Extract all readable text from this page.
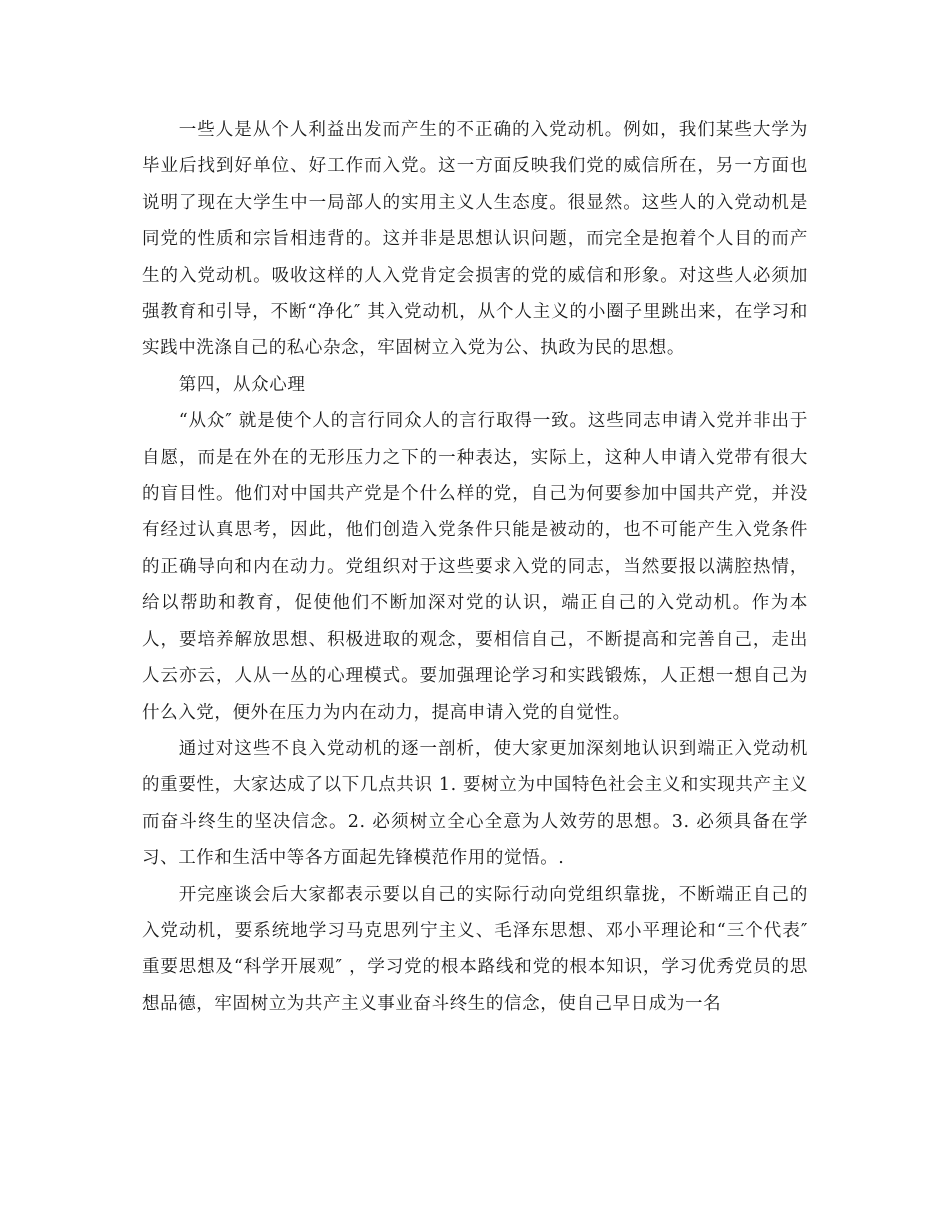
一些人是从个人利益出发而产生的不正确的入党动机。例如，我们某些大学为毕业后找到好单位、好工作而入党。这一方面反映我们党的威信所在，另一方面也说明了现在大学生中一局部人的实用主义人生态度。很显然。这些人的入党动机是同党的性质和宗旨相违背的。这并非是思想认识问题，而完全是抱着个人目的而产生的入党动机。吸收这样的人入党肯定会损害的党的威信和形象。对这些人必须加强教育和引导，不断“净化″ 其入党动机，从个人主义的小圈子里跳出来，在学习和实践中洗涤自己的私心杂念，牢固树立入党为公、执政为民的思想。

第四，从众心理

“从众″ 就是使个人的言行同众人的言行取得一致。这些同志申请入党并非出于自愿，而是在外在的无形压力之下的一种表达，实际上，这种人申请入党带有很大的盲目性。他们对中国共产党是个什么样的党，自己为何要参加中国共产党，并没有经过认真思考，因此，他们创造入党条件只能是被动的，也不可能产生入党条件的正确导向和内在动力。党组织对于这些要求入党的同志，当然要报以满腔热情，给以帮助和教育，促使他们不断加深对党的认识，端正自己的入党动机。作为本人，要培养解放思想、积极进取的观念，要相信自己，不断提高和完善自己，走出人云亦云，人从一丛的心理模式。要加强理论学习和实践锻炼，人正想一想自己为什么入党，便外在压力为内在动力，提高申请入党的自觉性。

通过对这些不良入党动机的逐一剖析，使大家更加深刻地认识到端正入党动机的重要性，大家达成了以下几点共识 1. 要树立为中国特色社会主义和实现共产主义而奋斗终生的坚决信念。2. 必须树立全心全意为人效劳的思想。3. 必须具备在学习、工作和生活中等各方面起先锋模范作用的觉悟。.

开完座谈会后大家都表示要以自己的实际行动向党组织靠拢，不断端正自己的入党动机，要系统地学习马克思列宁主义、毛泽东思想、邓小平理论和“三个代表″ 重要思想及“科学开展观″ ，学习党的根本路线和党的根本知识，学习优秀党员的思想品德，牢固树立为共产主义事业奋斗终生的信念，使自己早日成为一名
